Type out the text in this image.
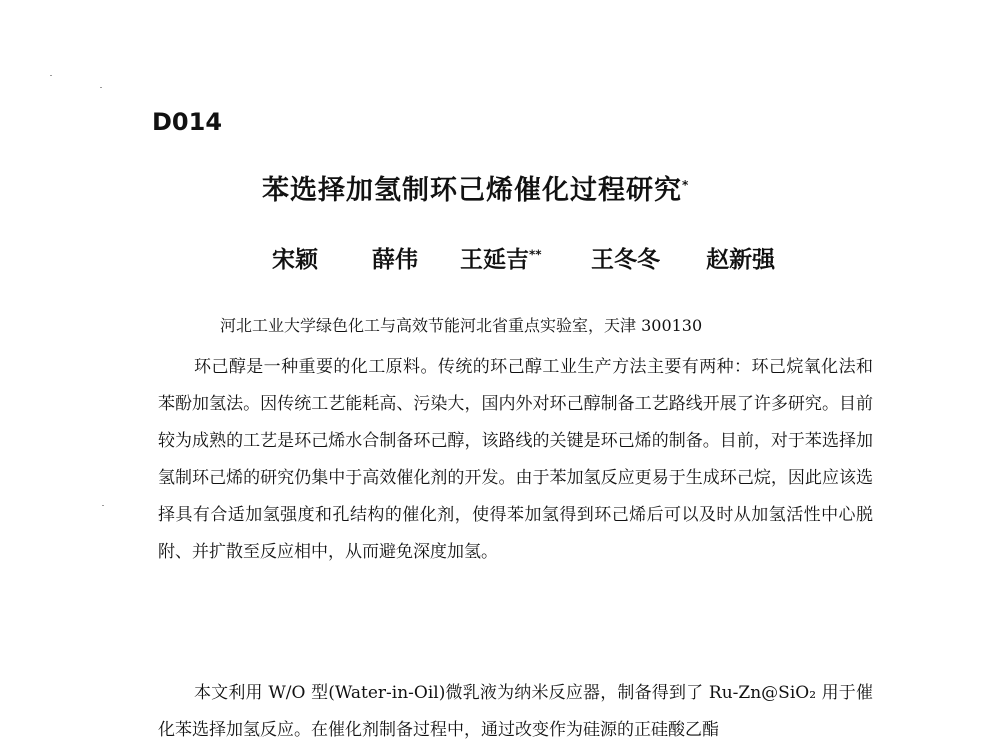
D014
苯选择加氢制环己烯催化过程研究*
宋颖 薛伟 王延吉** 王冬冬 赵新强
河北工业大学绿色化工与高效节能河北省重点实验室，天津 300130
环己醇是一种重要的化工原料。传统的环己醇工业生产方法主要有两种：环己烷氧化法和苯酚加氢法。因传统工艺能耗高、污染大，国内外对环己醇制备工艺路线开展了许多研究。目前较为成熟的工艺是环己烯水合制备环己醇，该路线的关键是环己烯的制备。目前，对于苯选择加氢制环己烯的研究仍集中于高效催化剂的开发。由于苯加氢反应更易于生成环己烷，因此应该选择具有合适加氢强度和孔结构的催化剂，使得苯加氢得到环己烯后可以及时从加氢活性中心脱附、并扩散至反应相中，从而避免深度加氢。
本文利用 W/O 型(Water-in-Oil)微乳液为纳米反应器，制备得到了 Ru-Zn@SiO₂ 用于催化苯选择加氢反应。在催化剂制备过程中，通过改变作为硅源的正硅酸乙酯
